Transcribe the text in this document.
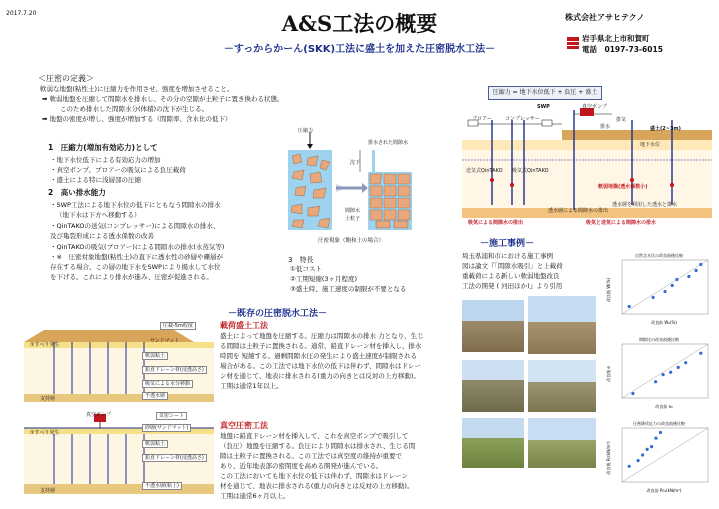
2017.7.20	A&S工法の概要
－すっからかーん(SKK)工法に盛土を加えた圧密脱水工法－
株式会社アサヒテクノ
岩手県北上市和賀町
電話　 0197-73-6015
＜圧密の定義＞
軟弱な地盤(粘性土)に圧縮力を作用させ、強度を増加させること。
➡ 軟弱地盤を圧縮して間隙水を排水し、その分の空隙が土粒子に置き換わる状態。
このため排水した間隙水分(体積)の沈下が生じる。
➡ 地盤の密度が増し、強度が増加する（間隙率、含水比の低下）
1　圧縮力(増加有効応力)として
・地下水位低下による有効応力の増加
・真空ポンプ、ブロアーの吸気による負圧載荷
・盛土による特に浅層部の圧縮
2　高い排水能力
・SWP工法による地下水位の低下にともなう間隙水の排水
（地下水は下方へ移動する）
・QinTAKOの送気(コンプレッサー)による間隙水の排水、
及び亀裂形成による透水係数の改善
・QinTAKOの吸気(ブロアー)による間隙水の排水(水蒸気等)
・※　圧密対象地盤(粘性土)の直下に透水性の砂層や礫層が
存在する場合、この層の地下水をSWPにより揚水して水位
を下げる。これにより排水が進み、圧密が促進される。
圧縮力
排水された間隙水
沈下
間隙水
土粒子
圧密現象（飽和土の場合）
3　特長
①低コスト
②工期短縮(3ヶ月程度)
③盛土時、施工速度の制限が不要となる
圧縮力 = 地下水位低下 + 負圧 + 盛土
SWP	真空ポンプ
ブロアー	コンプレッサー	排気
排水	盛土(2~3m)
地下水位
送気式QinTAKO 吸気式QinTAKO
軟弱地盤(透水係数小)
透水層による間隙水の排出
透水層を利用した透水と排水
吸気による間隙水の排出	吸気と送気による間隙水の排水
－施工事例－
埼玉県浦和市における施工事例
図は論文『「間隙水吸引」と上載荷
重載荷による新しい軟弱地盤改良
工法の開発 ( 河田ほか)』より引用
自然含水比の改良前後比較
改良前 W₀(%)
改良後 W(%)
間隙比の改良前後比較
改良前 e₀
改良後 e
圧密降伏応力の改良前後比較
改良前 Pc₀(kN/m²)
改良後 Pc(kN/m²)
－既存の圧密脱水工法－
圧載-5m程度
サンドマット
軟弱粘土
鉛直ドレーン材(浸透高さ)
吸気による水分移動
不透水層
①すべり発生
支持層
載荷盛土工法
盛土によって地盤を圧縮する。圧縮力は間隙水の排水 力となり、生じ
る間隙は土粒子に置換される。通常、鉛直ドレーン材を挿入し、排水
時間を 短縮する。過剰間隙水圧の発生により盛土速度が制限される
場合がある。この工法では地下水位の低下は伴わず、間隙水はドレー
ン材を通じて、地表に排水される(重力の向きとは反対の上方移動)。
工期は通常1年以上。
真空ポンプ	気密シート
砂層(サンドマット)
軟弱粘土
鉛直ドレーン材(浸透高さ)
不透水層(粘土)
①すべり発生
支持層
真空圧密工法
地盤に鉛直ドレーン材を挿入して、これを真空ポンプで吸引して
（負圧）地盤を圧縮する。負圧により間隙水は排水され、生じる間
隙は土粒子に置換される。この工法では真空度の維持が重要で
あり、近年地表部の密閉度を高める開発が進んでいる。
この工法においても地下水位の低下は伴わず、間隙水はドレーン
材を通じて、地表に排水される(重力の向きとは反対の上方移動)。
工期は通常6ヶ月以上。
